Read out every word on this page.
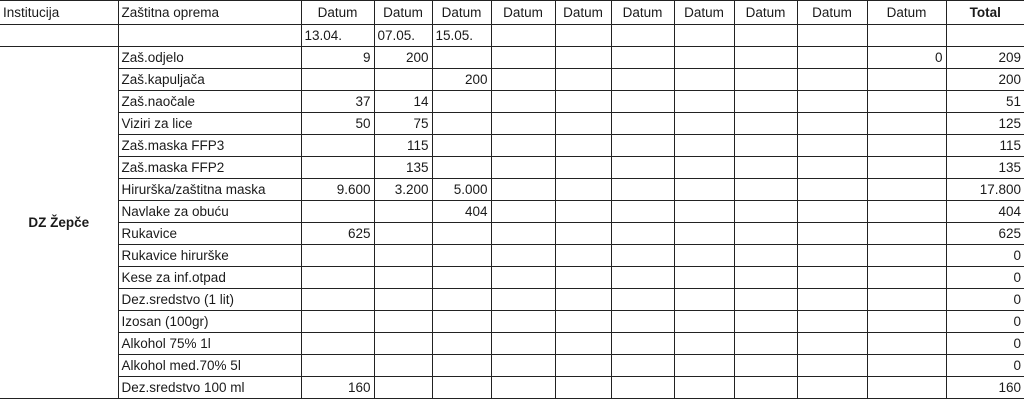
Institucija	Zaštitna oprema	Datum	Datum	Datum	Datum	Datum	Datum	Datum	Datum	Datum	Datum	Total
		13.04.	07.05.	15.05.								
DZ Žepče	Zaš.odjelo	9	200								0	209
	Zaš.kapuljača			200								200
	Zaš.naočale	37	14									51
	Viziri za lice	50	75									125
	Zaš.maska FFP3		115									115
	Zaš.maska FFP2		135									135
	Hirurška/zaštitna maska	9.600	3.200	5.000								17.800
	Navlake za obuću			404								404
	Rukavice	625										625
	Rukavice hirurške											0
	Kese za inf.otpad											0
	Dez.sredstvo (1 lit)											0
	Izosan (100gr)											0
	Alkohol 75% 1l											0
	Alkohol med.70% 5l											0
	Dez.sredstvo 100 ml	160										160
